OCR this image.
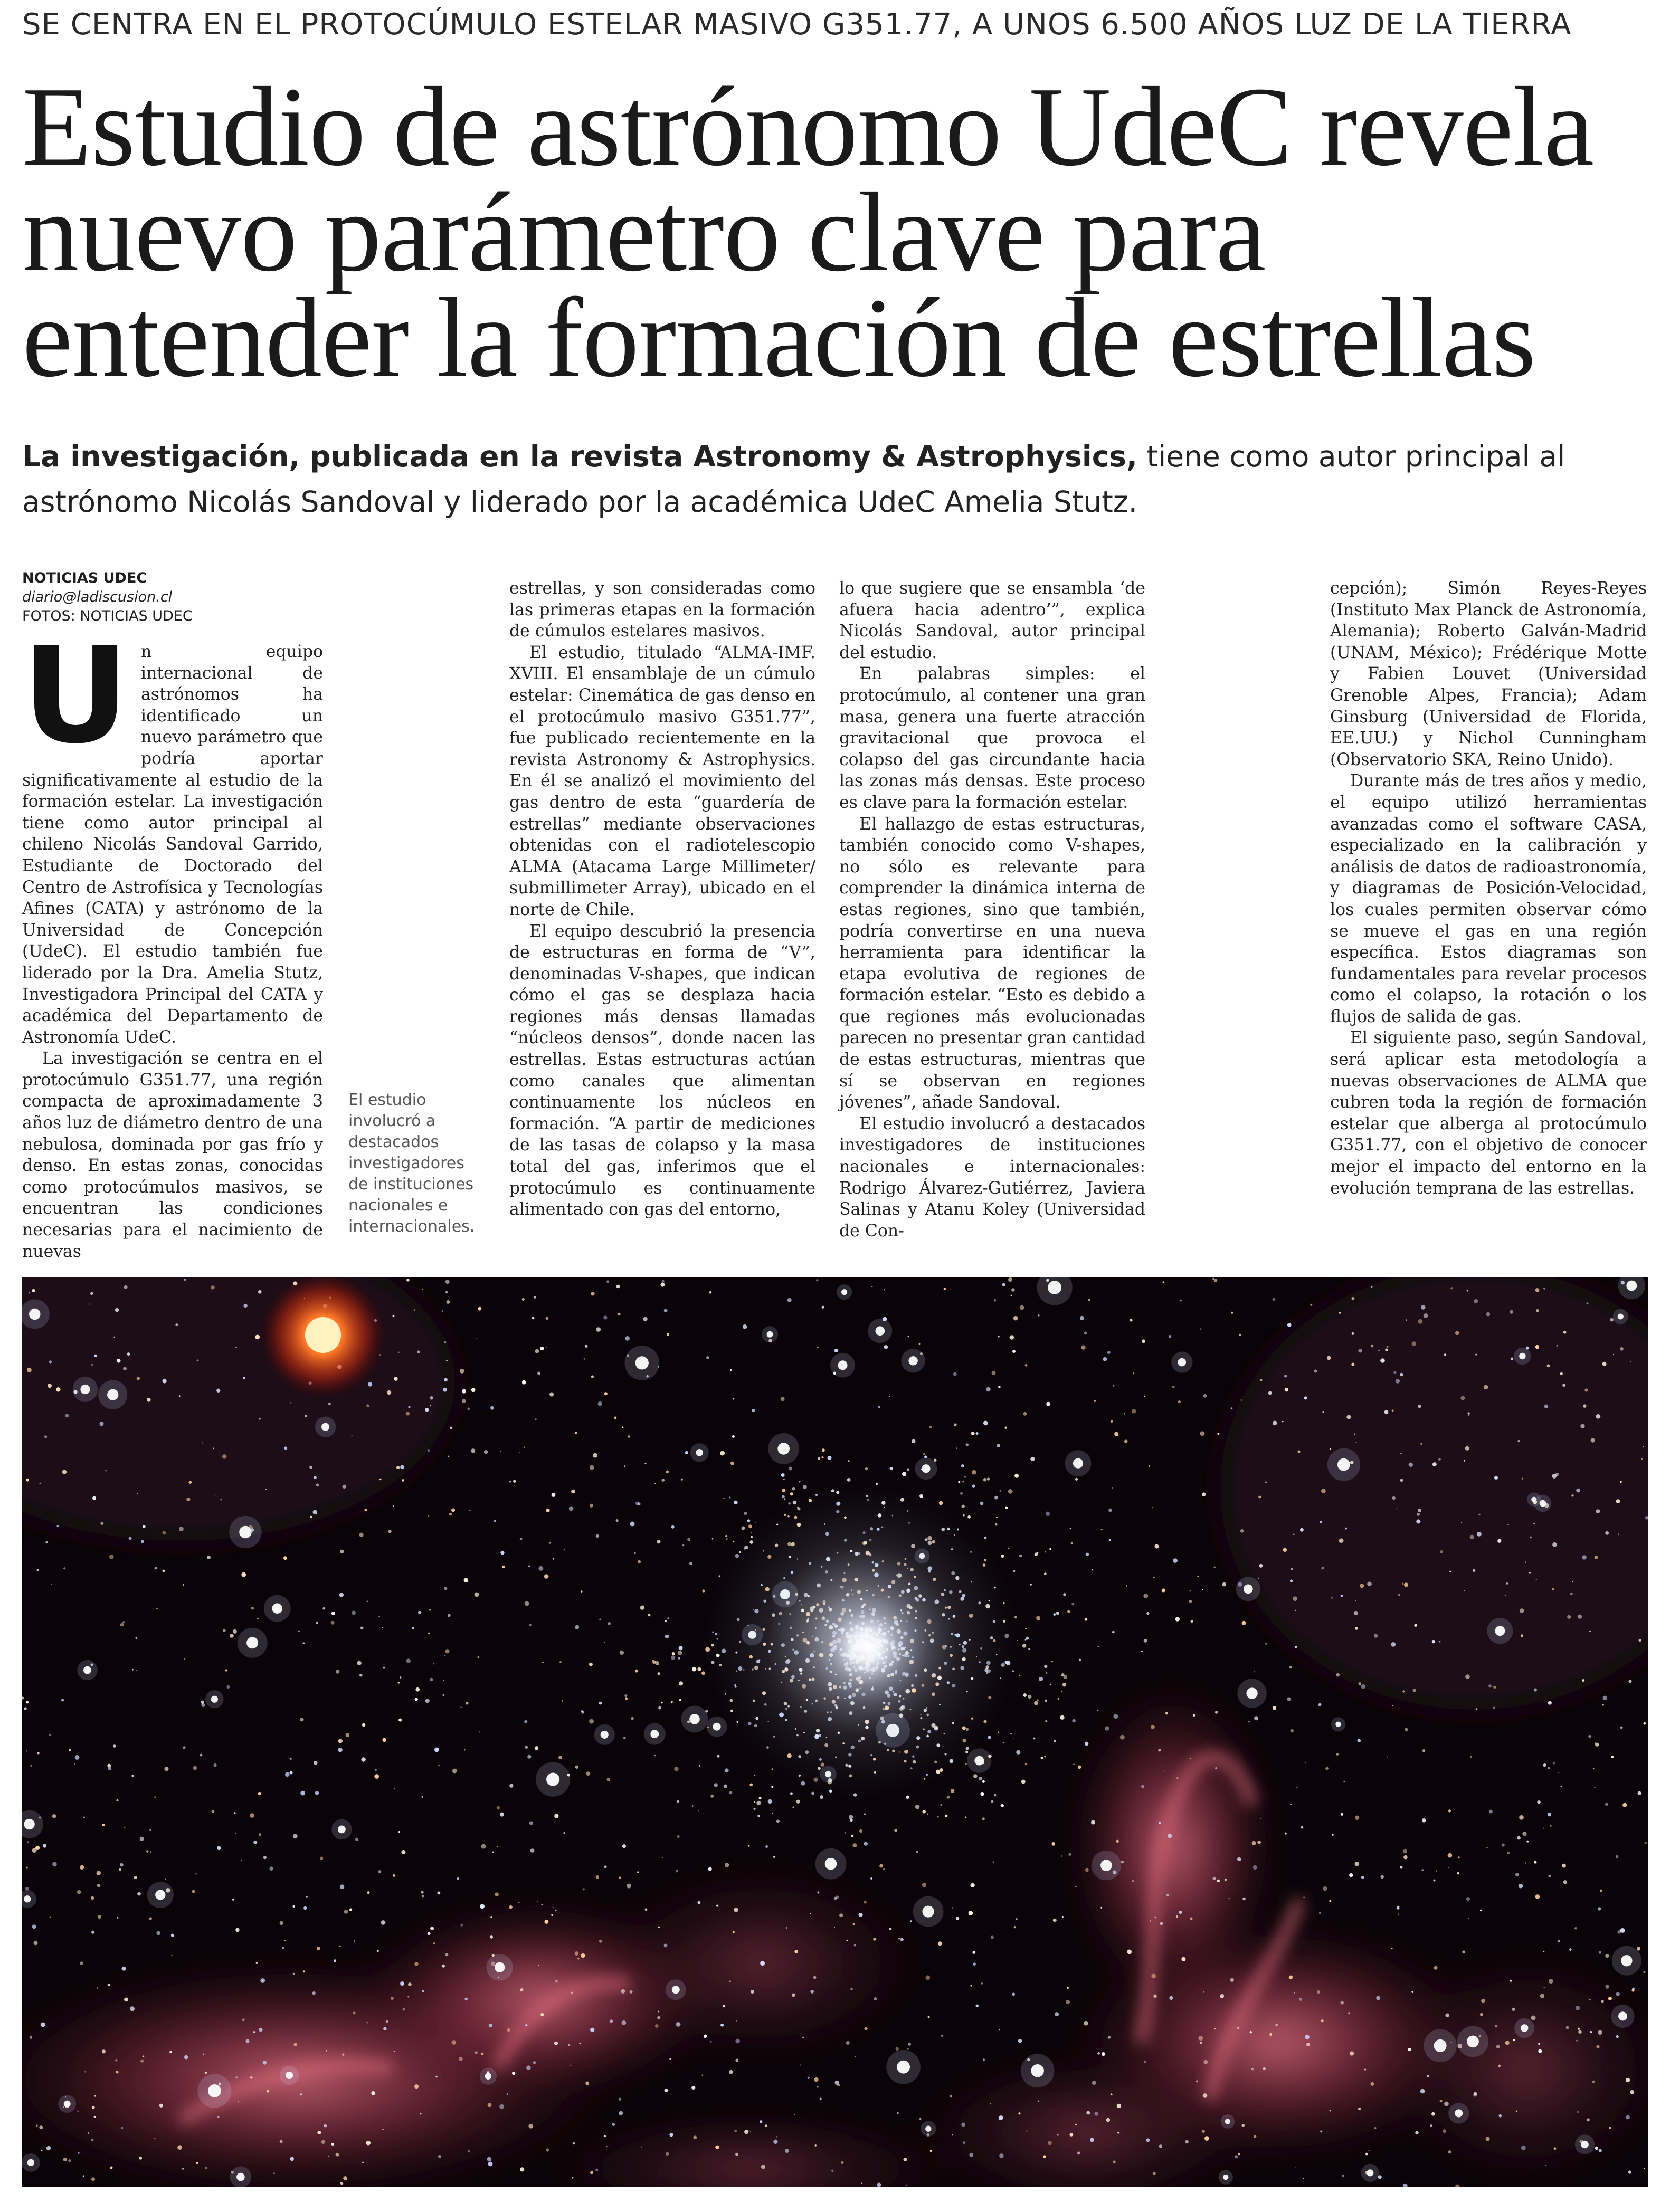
SE CENTRA EN EL PROTOCÚMULO ESTELAR MASIVO G351.77, A UNOS 6.500 AÑOS LUZ DE LA TIERRA
Estudio de astrónomo UdeC revela
nuevo parámetro clave para
entender la formación de estrellas
La investigación, publicada en la revista Astronomy & Astrophysics, tiene como autor principal al astrónomo Nicolás Sandoval y liderado por la académica UdeC Amelia Stutz.
NOTICIAS UDEC
diario@ladiscusion.cl
FOTOS: NOTICIAS UDEC

Un equipo internacional de astrónomos ha identificado un nuevo parámetro que podría aportar significativamente al estudio de la formación estelar. La investigación tiene como autor principal al chileno Nicolás Sandoval Garrido, Estudiante de Doctorado del Centro de Astrofísica y Tecnologías Afines (CATA) y astrónomo de la Universidad de Concepción (UdeC). El estudio también fue liderado por la Dra. Amelia Stutz, Investigadora Principal del CATA y académica del Departamento de Astronomía UdeC.

La investigación se centra en el protocúmulo G351.77, una región compacta de aproximadamente 3 años luz de diámetro dentro de una nebulosa, dominada por gas frío y denso. En estas zonas, conocidas como protocúmulos masivos, se encuentran las condiciones necesarias para el nacimiento de nuevas

El estudio involucró a destacados investigadores de instituciones nacionales e internacionales.

estrellas, y son consideradas como las primeras etapas en la formación de cúmulos estelares masivos.

El estudio, titulado “ALMA-IMF. XVIII. El ensamblaje de un cúmulo estelar: Cinemática de gas denso en el protocúmulo masivo G351.77”, fue publicado recientemente en la revista Astronomy & Astrophysics. En él se analizó el movimiento del gas dentro de esta “guardería de estrellas” mediante observaciones obtenidas con el radiotelescopio ALMA (Atacama Large Millimeter/ submillimeter Array), ubicado en el norte de Chile.

El equipo descubrió la presencia de estructuras en forma de “V”, denominadas V-shapes, que indican cómo el gas se desplaza hacia regiones más densas llamadas “núcleos densos”, donde nacen las estrellas. Estas estructuras actúan como canales que alimentan continuamente los núcleos en formación. “A partir de mediciones de las tasas de colapso y la masa total del gas, inferimos que el protocúmulo es continuamente alimentado con gas del entorno,

lo que sugiere que se ensambla ‘de afuera hacia adentro’”, explica Nicolás Sandoval, autor principal del estudio.

En palabras simples: el protocúmulo, al contener una gran masa, genera una fuerte atracción gravitacional que provoca el colapso del gas circundante hacia las zonas más densas. Este proceso es clave para la formación estelar.

El hallazgo de estas estructuras, también conocido como V-shapes, no sólo es relevante para comprender la dinámica interna de estas regiones, sino que también, podría convertirse en una nueva herramienta para identificar la etapa evolutiva de regiones de formación estelar. “Esto es debido a que regiones más evolucionadas parecen no presentar gran cantidad de estas estructuras, mientras que sí se observan en regiones jóvenes”, añade Sandoval.

El estudio involucró a destacados investigadores de instituciones nacionales e internacionales: Rodrigo Álvarez-Gutiérrez, Javiera Salinas y Atanu Koley (Universidad de Con-

cepción); Simón Reyes-Reyes (Instituto Max Planck de Astronomía, Alemania); Roberto Galván-Madrid (UNAM, México); Frédérique Motte y Fabien Louvet (Universidad Grenoble Alpes, Francia); Adam Ginsburg (Universidad de Florida, EE.UU.) y Nichol Cunningham (Observatorio SKA, Reino Unido).

Durante más de tres años y medio, el equipo utilizó herramientas avanzadas como el software CASA, especializado en la calibración y análisis de datos de radioastronomía, y diagramas de Posición-Velocidad, los cuales permiten observar cómo se mueve el gas en una región específica. Estos diagramas son fundamentales para revelar procesos como el colapso, la rotación o los flujos de salida de gas.

El siguiente paso, según Sandoval, será aplicar esta metodología a nuevas observaciones de ALMA que cubren toda la región de formación estelar que alberga al protocúmulo G351.77, con el objetivo de conocer mejor el impacto del entorno en la evolución temprana de las estrellas.
